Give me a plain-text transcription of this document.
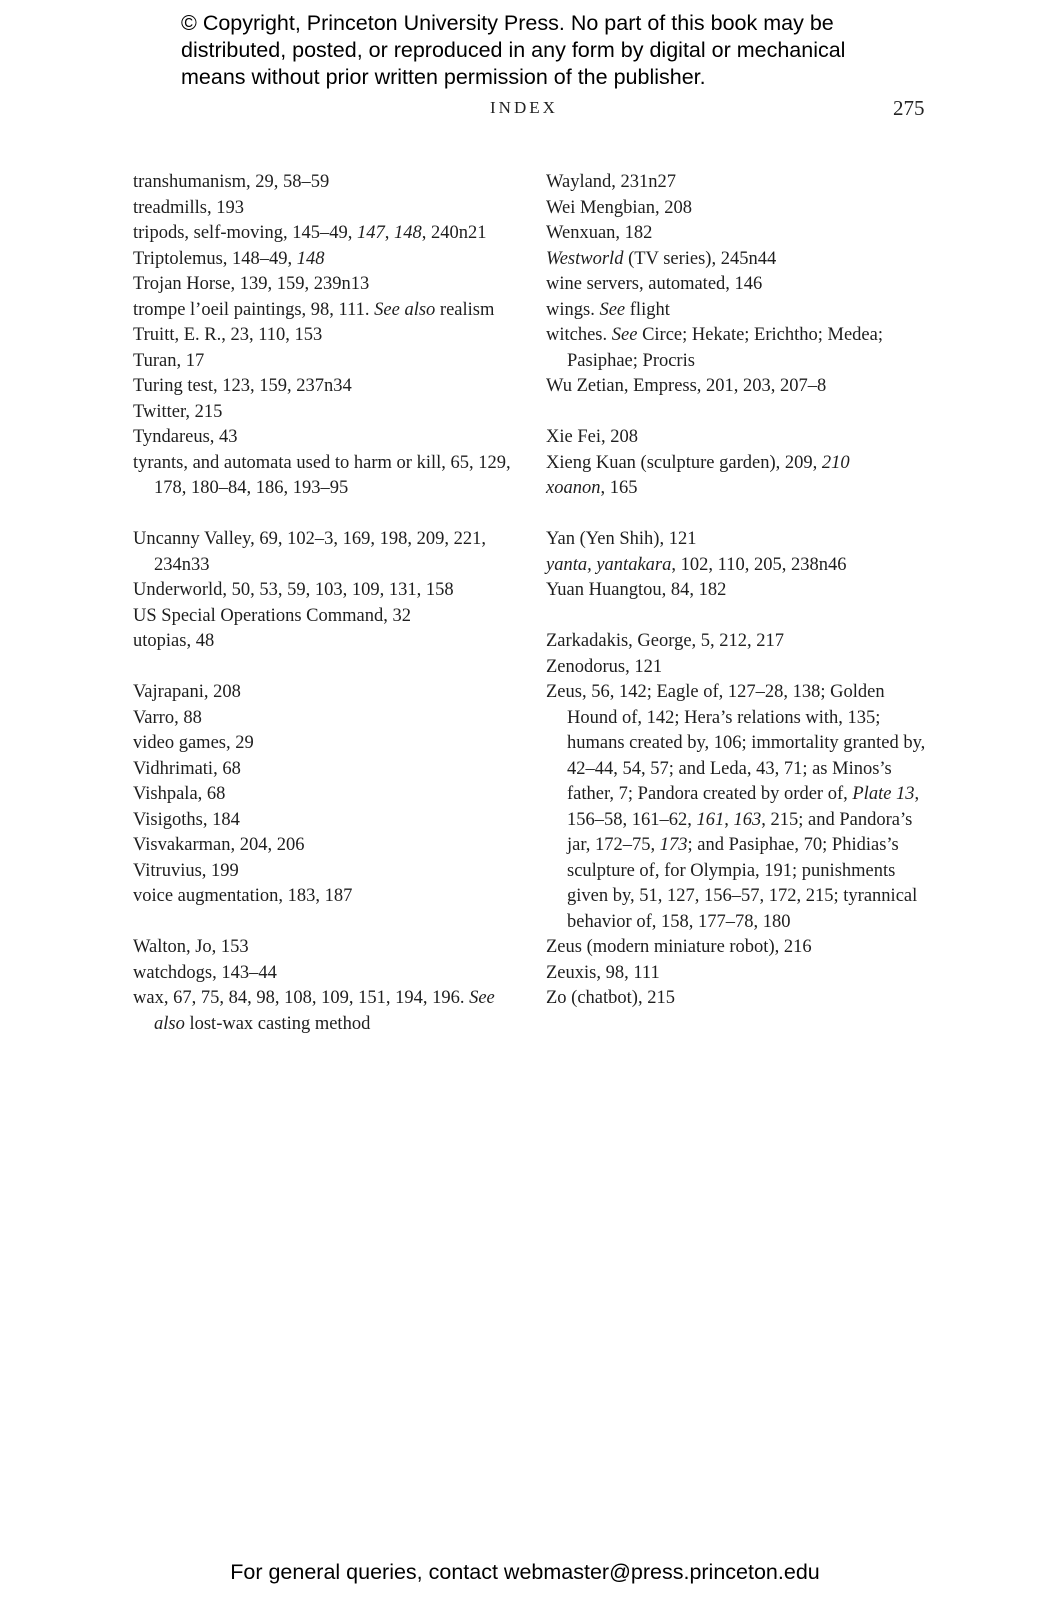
© Copyright, Princeton University Press. No part of this book may be distributed, posted, or reproduced in any form by digital or mechanical means without prior written permission of the publisher.
INDEX	275
transhumanism, 29, 58–59
treadmills, 193
tripods, self-moving, 145–49, 147, 148, 240n21
Triptolemus, 148–49, 148
Trojan Horse, 139, 159, 239n13
trompe l’oeil paintings, 98, 111. See also realism
Truitt, E. R., 23, 110, 153
Turan, 17
Turing test, 123, 159, 237n34
Twitter, 215
Tyndareus, 43
tyrants, and automata used to harm or kill, 65, 129, 178, 180–84, 186, 193–95
Uncanny Valley, 69, 102–3, 169, 198, 209, 221, 234n33
Underworld, 50, 53, 59, 103, 109, 131, 158
US Special Operations Command, 32
utopias, 48
Vajrapani, 208
Varro, 88
video games, 29
Vidhrimati, 68
Vishpala, 68
Visigoths, 184
Visvakarman, 204, 206
Vitruvius, 199
voice augmentation, 183, 187
Walton, Jo, 153
watchdogs, 143–44
wax, 67, 75, 84, 98, 108, 109, 151, 194, 196. See also lost-wax casting method
Wayland, 231n27
Wei Mengbian, 208
Wenxuan, 182
Westworld (TV series), 245n44
wine servers, automated, 146
wings. See flight
witches. See Circe; Hekate; Erichtho; Medea; Pasiphae; Procris
Wu Zetian, Empress, 201, 203, 207–8
Xie Fei, 208
Xieng Kuan (sculpture garden), 209, 210
xoanon, 165
Yan (Yen Shih), 121
yanta, yantakara, 102, 110, 205, 238n46
Yuan Huangtou, 84, 182
Zarkadakis, George, 5, 212, 217
Zenodorus, 121
Zeus, 56, 142; Eagle of, 127–28, 138; Golden Hound of, 142; Hera’s relations with, 135; humans created by, 106; immortality granted by, 42–44, 54, 57; and Leda, 43, 71; as Minos’s father, 7; Pandora created by order of, Plate 13, 156–58, 161–62, 161, 163, 215; and Pandora’s jar, 172–75, 173; and Pasiphae, 70; Phidias’s sculpture of, for Olympia, 191; punishments given by, 51, 127, 156–57, 172, 215; tyrannical behavior of, 158, 177–78, 180
Zeus (modern miniature robot), 216
Zeuxis, 98, 111
Zo (chatbot), 215
For general queries, contact webmaster@press.princeton.edu
